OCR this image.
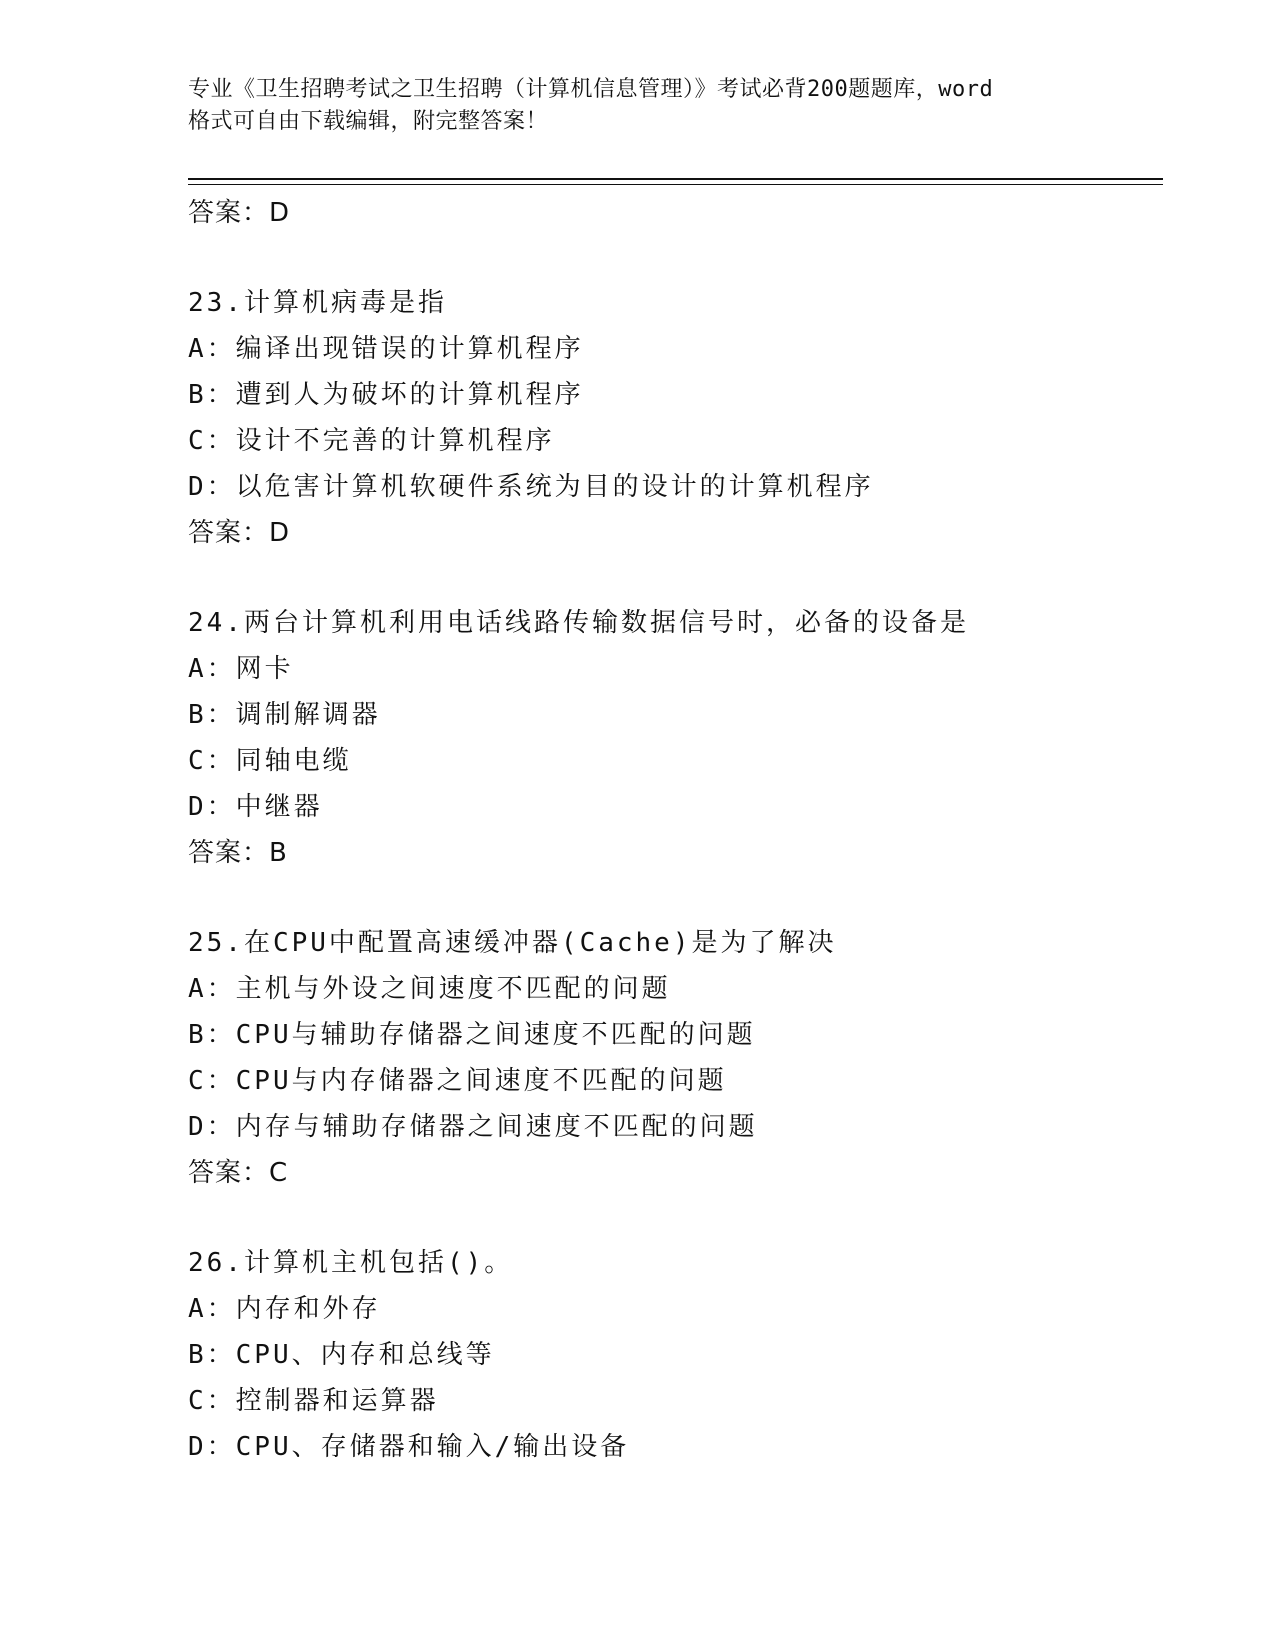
专业《卫生招聘考试之卫生招聘（计算机信息管理）》考试必背200题题库，word
格式可自由下载编辑，附完整答案！
答案：D
23.计算机病毒是指
A：编译出现错误的计算机程序
B：遭到人为破坏的计算机程序
C：设计不完善的计算机程序
D：以危害计算机软硬件系统为目的设计的计算机程序
答案：D
24.两台计算机利用电话线路传输数据信号时，必备的设备是
A：网卡
B：调制解调器
C：同轴电缆
D：中继器
答案：B
25.在CPU中配置高速缓冲器(Cache)是为了解决
A：主机与外设之间速度不匹配的问题
B：CPU与辅助存储器之间速度不匹配的问题
C：CPU与内存储器之间速度不匹配的问题
D：内存与辅助存储器之间速度不匹配的问题
答案：C
26.计算机主机包括()。
A：内存和外存
B：CPU、内存和总线等
C：控制器和运算器
D：CPU、存储器和输入/输出设备
